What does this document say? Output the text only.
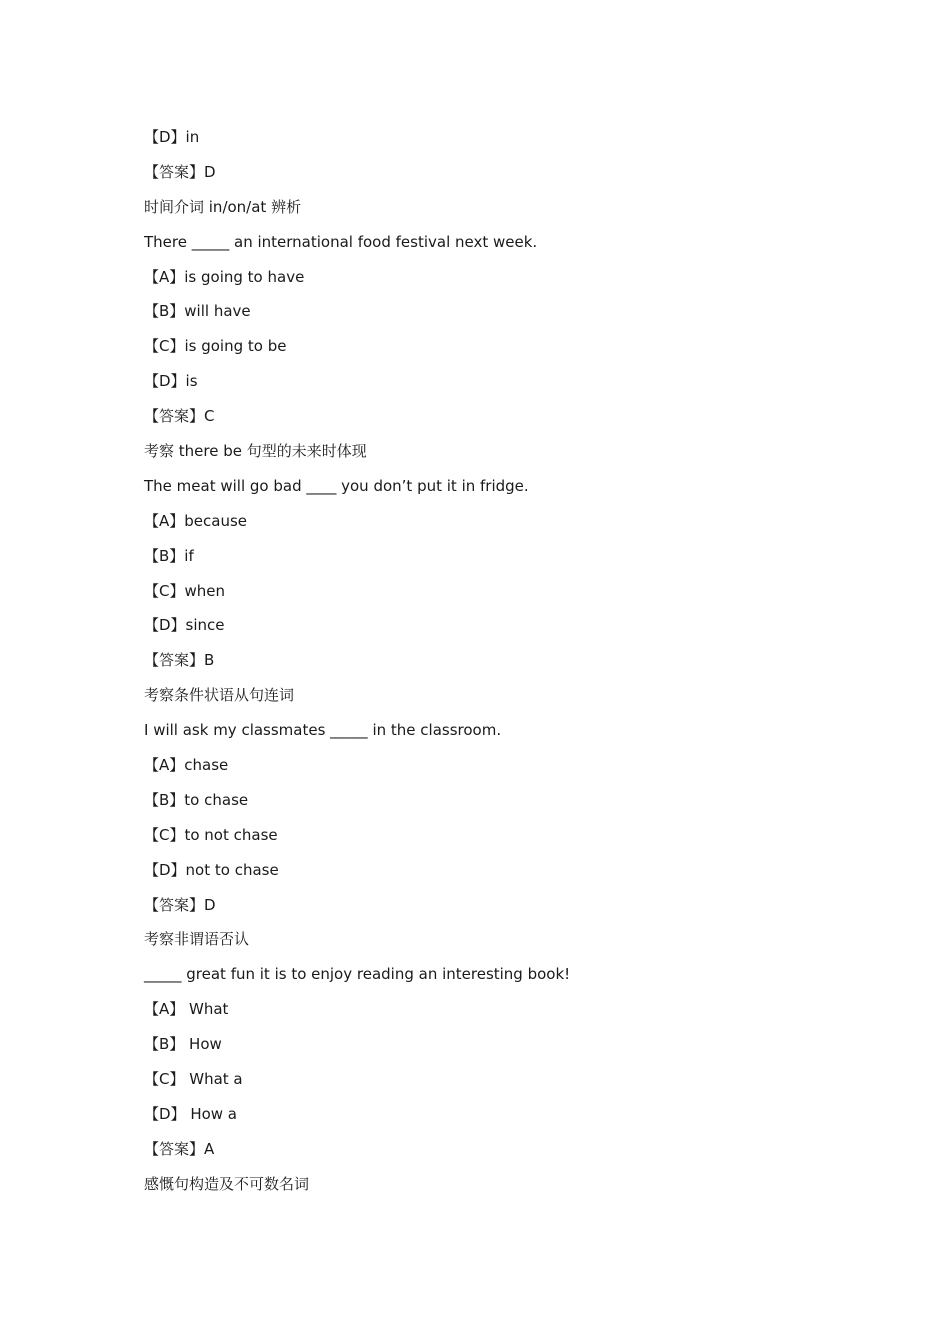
【D】in
【答案】D
时间介词 in/on/at 辨析
There _____ an international food festival next week.
【A】is going to have
【B】will have
【C】is going to be
【D】is
【答案】C
考察 there be 句型的未来时体现
The meat will go bad ____ you don’t put it in fridge.
【A】because
【B】if
【C】when
【D】since
【答案】B
考察条件状语从句连词
I will ask my classmates _____ in the classroom.
【A】chase
【B】to chase
【C】to not chase
【D】not to chase
【答案】D
考察非谓语否认
_____ great fun it is to enjoy reading an interesting book!
【A】 What
【B】 How
【C】 What a
【D】 How a
【答案】A
感慨句构造及不可数名词
